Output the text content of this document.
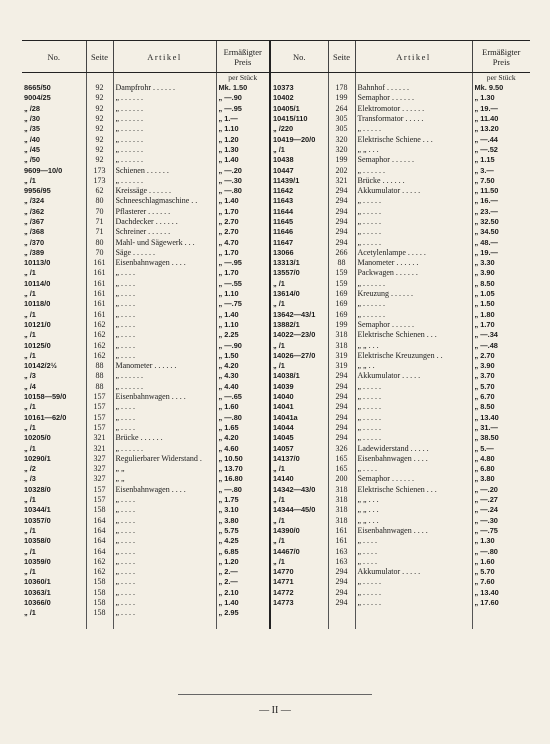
No.	Seite	Artikel	Ermäßigter
Preis	No.	Seite	Artikel	Ermäßigter
Preis
			per Stück				per Stück
8665/50	92	Dampfrohr . . . . . .	Mk. 1.50	10373	178	Bahnhof . . . . . .	Mk. 9.50
9004/25	92	„ . . . . . .	„ —.90	10402	199	Semaphor . . . . . .	„ 1.30
„ /28	92	„ . . . . . .	„ —.95	10405/1	264	Elektromotor . . . . . .	„ 19.—
„ /30	92	„ . . . . . .	„ 1.—	10415/110	305	Transformator . . . . .	„ 11.40
„ /35	92	„ . . . . . .	„ 1.10	„ /220	305	„ . . . . .	„ 13.20
„ /40	92	„ . . . . . .	„ 1.20	10419—20/0	320	Elektrische Schiene . . .	„ —.44
„ /45	92	„ . . . . . .	„ 1.30	„ /1	320	„ „ . . .	„ —.52
„ /50	92	„ . . . . . .	„ 1.40	10438	199	Semaphor . . . . . .	„ 1.15
9609—10/0	173	Schienen . . . . . .	„ —.20	10447	202	„ . . . . . .	„ 3.—
„ /1	173	„ . . . . . .	„ —.30	11439/1	321	Brücke . . . . . .	„ 7.50
9956/95	62	Kreissäge . . . . . .	„ —.80	11642	294	Akkumulator . . . . .	„ 11.50
„ /324	80	Schneeschlagmaschine . .	„ 1.40	11643	294	„ . . . . .	„ 16.—
„ /362	70	Pflasterer . . . . . .	„ 1.70	11644	294	„ . . . . .	„ 23.—
„ /367	71	Dachdecker . . . . . .	„ 2.70	11645	294	„ . . . . .	„ 32.50
„ /368	71	Schreiner . . . . . .	„ 2.70	11646	294	„ . . . . .	„ 34.50
„ /370	80	Mahl- und Sägewerk . . .	„ 4.70	11647	294	„ . . . . .	„ 48.—
„ /389	70	Säge . . . . . .	„ 1.70	13066	266	Acetylenlampe . . . . .	„ 19.—
10113/0	161	Eisenbahnwagen . . . .	„ —.95	13313/1	88	Manometer . . . . . .	„ 3.30
„ /1	161	„ . . . .	„ 1.70	13557/0	159	Packwagen . . . . . .	„ 3.90
10114/0	161	„ . . . .	„ —.55	„ /1	159	„ . . . . . .	„ 8.50
„ /1	161	„ . . . .	„ 1.10	13614/0	169	Kreuzung . . . . . .	„ 1.05
10118/0	161	„ . . . .	„ —.75	„ /1	169	„ . . . . . .	„ 1.50
„ /1	161	„ . . . .	„ 1.40	13642—43/1	169	„ . . . . . .	„ 1.80
10121/0	162	„ . . . .	„ 1.10	13882/1	199	Semaphor . . . . . .	„ 1.70
„ /1	162	„ . . . .	„ 2.25	14022—23/0	318	Elektrische Schienen . . .	„ —.34
10125/0	162	„ . . . .	„ —.90	„ /1	318	„ „ . . .	„ —.48
„ /1	162	„ . . . .	„ 1.50	14026—27/0	319	Elektrische Kreuzungen . .	„ 2.70
10142/2½	88	Manometer . . . . . .	„ 4.20	„ /1	319	„ „ . .	„ 3.90
„ /3	88	„ . . . . . .	„ 4.30	14038/1	294	Akkumulator . . . . .	„ 3.70
„ /4	88	„ . . . . . .	„ 4.40	14039	294	„ . . . . .	„ 5.70
10158—59/0	157	Eisenbahnwagen . . . .	„ —.65	14040	294	„ . . . . .	„ 6.70
„ /1	157	„ . . . .	„ 1.60	14041	294	„ . . . . .	„ 8.50
10161—62/0	157	„ . . . .	„ —.80	14041a	294	„ . . . . .	„ 13.40
„ /1	157	„ . . . .	„ 1.65	14044	294	„ . . . . .	„ 31.—
10205/0	321	Brücke . . . . . .	„ 4.20	14045	294	„ . . . . .	„ 38.50
„ /1	321	„ . . . . . .	„ 4.60	14057	326	Ladewiderstand . . . . .	„ 5.—
10290/1	327	Regulierbarer Widerstand .	„ 10.50	14137/0	165	Eisenbahnwagen . . . .	„ 4.80
„ /2	327	„ „	„ 13.70	„ /1	165	„ . . . .	„ 6.80
„ /3	327	„ „	„ 16.80	14140	200	Semaphor . . . . . .	„ 3.80
10328/0	157	Eisenbahnwagen . . . .	„ —.80	14342—43/0	318	Elektrische Schienen . . .	„ —.20
„ /1	157	„ . . . .	„ 1.75	„ /1	318	„ „ . . .	„ —.27
10344/1	158	„ . . . .	„ 3.10	14344—45/0	318	„ „ . . .	„ —.24
10357/0	164	„ . . . .	„ 3.80	„ /1	318	„ „ . . .	„ —.30
„ /1	164	„ . . . .	„ 5.75	14390/0	161	Eisenbahnwagen . . . .	„ —.75
10358/0	164	„ . . . .	„ 4.25	„ /1	161	„ . . . .	„ 1.30
„ /1	164	„ . . . .	„ 6.85	14467/0	163	„ . . . .	„ —.80
10359/0	162	„ . . . .	„ 1.20	„ /1	163	„ . . . .	„ 1.60
„ /1	162	„ . . . .	„ 2.—	14770	294	Akkumulator . . . . .	„ 5.70
10360/1	158	„ . . . .	„ 2.—	14771	294	„ . . . . .	„ 7.60
10363/1	158	„ . . . .	„ 2.10	14772	294	„ . . . . .	„ 13.40
10366/0	158	„ . . . .	„ 1.40	14773	294	„ . . . . .	„ 17.60
„ /1	158	„ . . . .	„ 2.95				

— II —
